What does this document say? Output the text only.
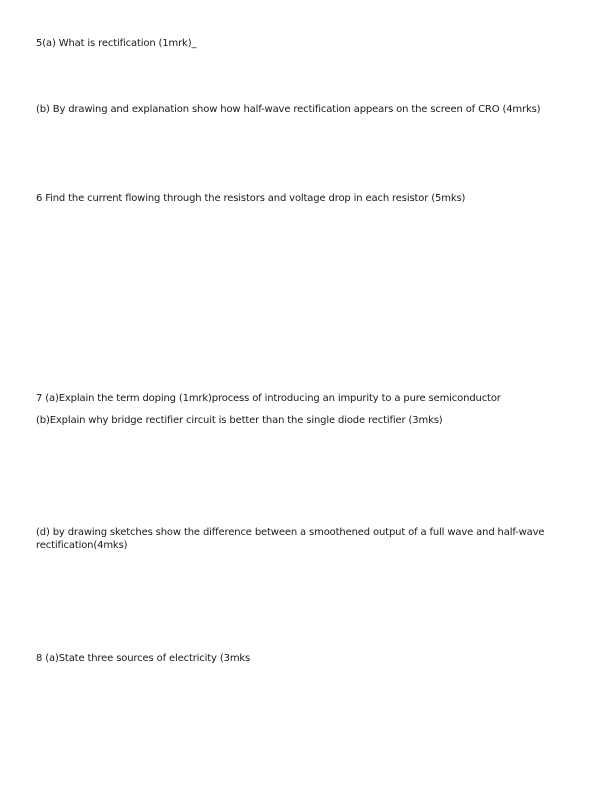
5(a) What is rectification (1mrk)_

(b) By drawing and explanation show how half-wave rectification appears on the screen of CRO (4mrks)

6 Find the current flowing through the resistors and voltage drop in each resistor (5mks)

7 (a)Explain the term doping (1mrk)process of introducing an impurity to a pure semiconductor

(b)Explain why bridge rectifier circuit is better than the single diode rectifier (3mks)

(d) by drawing sketches show the difference between a smoothened output of a full wave and half-wave rectification(4mks)

8 (a)State three sources of electricity (3mks
